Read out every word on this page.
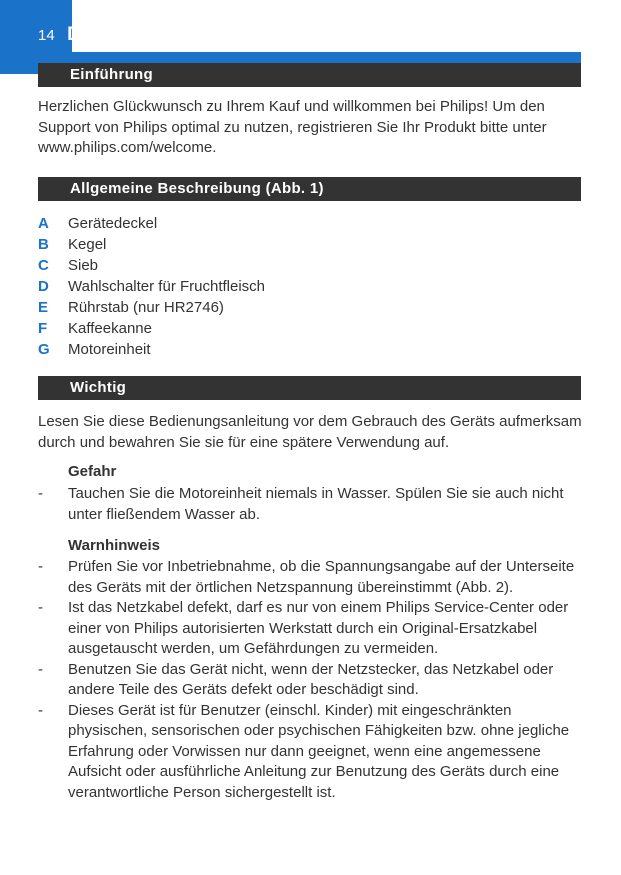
14 DEUTSCH
Einführung

Herzlichen Glückwunsch zu Ihrem Kauf und willkommen bei Philips! Um den Support von Philips optimal zu nutzen, registrieren Sie Ihr Produkt bitte unter www.philips.com/welcome.

Allgemeine Beschreibung (Abb. 1)
A Gerätedeckel
B Kegel
C Sieb
D Wahlschalter für Fruchtfleisch
E Rührstab (nur HR2746)
F Kaffeekanne
G Motoreinheit
Wichtig

Lesen Sie diese Bedienungsanleitung vor dem Gebrauch des Geräts aufmerksam durch und bewahren Sie sie für eine spätere Verwendung auf.

Gefahr

-	Tauchen Sie die Motoreinheit niemals in Wasser. Spülen Sie sie auch nicht unter fließendem Wasser ab.

Warnhinweis

-	Prüfen Sie vor Inbetriebnahme, ob die Spannungsangabe auf der Unterseite des Geräts mit der örtlichen Netzspannung übereinstimmt (Abb. 2).
-	Ist das Netzkabel defekt, darf es nur von einem Philips Service-Center oder einer von Philips autorisierten Werkstatt durch ein Original-Ersatzkabel ausgetauscht werden, um Gefährdungen zu vermeiden.
-	Benutzen Sie das Gerät nicht, wenn der Netzstecker, das Netzkabel oder andere Teile des Geräts defekt oder beschädigt sind.
-	Dieses Gerät ist für Benutzer (einschl. Kinder) mit eingeschränkten physischen, sensorischen oder psychischen Fähigkeiten bzw. ohne jegliche Erfahrung oder Vorwissen nur dann geeignet, wenn eine angemessene Aufsicht oder ausführliche Anleitung zur Benutzung des Geräts durch eine verantwortliche Person sichergestellt ist.
